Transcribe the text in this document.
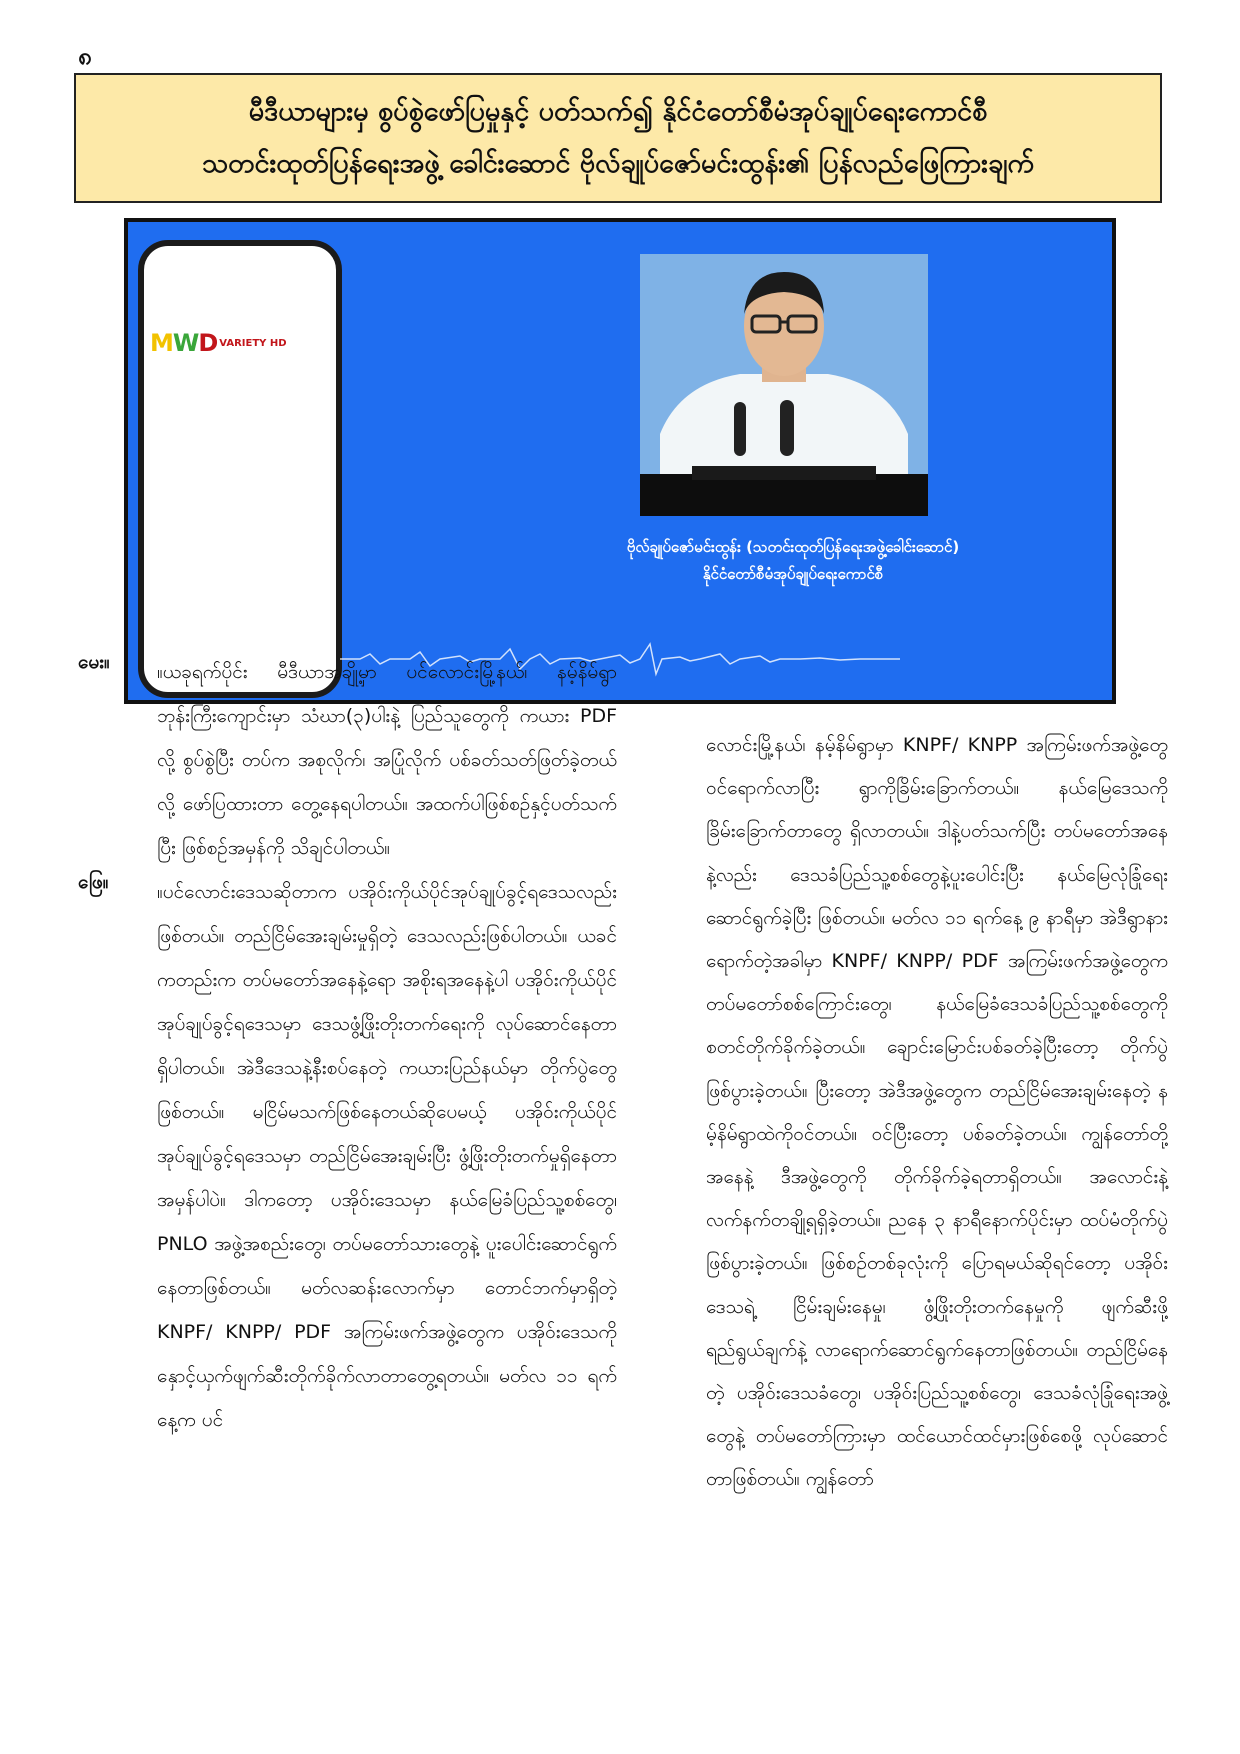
၈
မီဒီယာများမှ စွပ်စွဲဖော်ပြမှုနှင့် ပတ်သက်၍ နိုင်ငံတော်စီမံအုပ်ချုပ်ရေးကောင်စီ
သတင်းထုတ်ပြန်ရေးအဖွဲ့ ခေါင်းဆောင် ဗိုလ်ချုပ်ဇော်မင်းထွန်း၏ ပြန်လည်ဖြေကြားချက်
MWD VARIETY HD
ဗိုလ်ချုပ်ဇော်မင်းထွန်း (သတင်းထုတ်ပြန်ရေးအဖွဲ့ခေါင်းဆောင်)
နိုင်ငံတော်စီမံအုပ်ချုပ်ရေးကောင်စီ
မေး။ ။ယခုရက်ပိုင်း မီဒီယာအချို့မှာ ပင်လောင်းမြို့နယ်၊ နမ့်နိမ်ရွာဘုန်းကြီးကျောင်းမှာ သံဃာ(၃)ပါးနဲ့ ပြည်သူတွေကို ကယား PDF လို့ စွပ်စွဲပြီး တပ်က အစုလိုက်၊ အပြုံလိုက် ပစ်ခတ်သတ်ဖြတ်ခဲ့တယ်လို့ ဖော်ပြထားတာ တွေ့နေရပါတယ်။ အထက်ပါဖြစ်စဉ်နှင့်ပတ်သက်ပြီး ဖြစ်စဉ်အမှန်ကို သိချင်ပါတယ်။
ဖြေ။	။ပင်လောင်းဒေသဆိုတာက ပအိုဝ်းကိုယ်ပိုင်အုပ်ချုပ်ခွင့်ရဒေသလည်းဖြစ်တယ်။ တည်ငြိမ်အေးချမ်းမှုရှိတဲ့ ဒေသလည်းဖြစ်ပါတယ်။ ယခင်ကတည်းက တပ်မတော်အနေနဲ့ရော အစိုးရအနေနဲ့ပါ ပအိုဝ်းကိုယ်ပိုင်အုပ်ချုပ်ခွင့်ရဒေသမှာ ဒေသဖွံ့ဖြိုးတိုးတက်ရေးကို လုပ်ဆောင်နေတာရှိပါတယ်။ အဲဒီဒေသနဲ့နီးစပ်နေတဲ့ ကယားပြည်နယ်မှာ တိုက်ပွဲတွေဖြစ်တယ်။ မငြိမ်မသက်ဖြစ်နေတယ်ဆိုပေမယ့် ပအိုဝ်းကိုယ်ပိုင်အုပ်ချုပ်ခွင့်ရဒေသမှာ တည်ငြိမ်အေးချမ်းပြီး ဖွံ့ဖြိုးတိုးတက်မှုရှိနေတာ အမှန်ပါပဲ။ ဒါကတော့ ပအိုဝ်းဒေသမှာ နယ်မြေခံပြည်သူ့စစ်တွေ၊ PNLO အဖွဲ့အစည်းတွေ၊ တပ်မတော်သားတွေနဲ့ ပူးပေါင်းဆောင်ရွက်နေတာဖြစ်တယ်။ မတ်လဆန်းလောက်မှာ တောင်ဘက်မှာရှိတဲ့ KNPF/ KNPP/ PDF အကြမ်းဖက်အဖွဲ့တွေက ပအိုဝ်းဒေသကို နှောင့်ယှက်ဖျက်ဆီးတိုက်ခိုက်လာတာတွေ့ရတယ်။ မတ်လ ၁၁ ရက်နေ့က ပင်
လောင်းမြို့နယ်၊ နမ့်နိမ်ရွာမှာ KNPF/ KNPP အကြမ်းဖက်အဖွဲ့တွေ ဝင်ရောက်လာပြီး ရွာကိုခြိမ်းခြောက်တယ်။ နယ်မြေဒေသကို ခြိမ်းခြောက်တာတွေ ရှိလာတယ်။ ဒါနဲ့ပတ်သက်ပြီး တပ်မတော်အနေနဲ့လည်း ဒေသခံပြည်သူ့စစ်တွေနဲ့ပူးပေါင်းပြီး နယ်မြေလုံခြုံရေးဆောင်ရွက်ခဲ့ပြီး ဖြစ်တယ်။ မတ်လ ၁၁ ရက်နေ့ ၉ နာရီမှာ အဲဒီရွာနားရောက်တဲ့အခါမှာ KNPF/ KNPP/ PDF အကြမ်းဖက်အဖွဲ့တွေက တပ်မတော်စစ်ကြောင်းတွေ၊ နယ်မြေခံဒေသခံပြည်သူ့စစ်တွေကို စတင်တိုက်ခိုက်ခဲ့တယ်။ ချောင်းမြောင်းပစ်ခတ်ခဲ့ပြီးတော့ တိုက်ပွဲဖြစ်ပွားခဲ့တယ်။ ပြီးတော့ အဲဒီအဖွဲ့တွေက တည်ငြိမ်အေးချမ်းနေတဲ့ နမ့်နိမ်ရွာထဲကိုဝင်တယ်။ ဝင်ပြီးတော့ ပစ်ခတ်ခဲ့တယ်။ ကျွန်တော်တို့အနေနဲ့ ဒီအဖွဲ့တွေကို တိုက်ခိုက်ခဲ့ရတာရှိတယ်။ အလောင်းနဲ့လက်နက်တချို့ရရှိခဲ့တယ်။ ညနေ ၃ နာရီနောက်ပိုင်းမှာ ထပ်မံတိုက်ပွဲဖြစ်ပွားခဲ့တယ်။ ဖြစ်စဉ်တစ်ခုလုံးကို ပြောရမယ်ဆိုရင်တော့ ပအိုဝ်းဒေသရဲ့ ငြိမ်းချမ်းနေမှု၊ ဖွံ့ဖြိုးတိုးတက်နေမှုကို ဖျက်ဆီးဖို့ ရည်ရွယ်ချက်နဲ့ လာရောက်ဆောင်ရွက်နေတာဖြစ်တယ်။ တည်ငြိမ်နေတဲ့ ပအိုဝ်းဒေသခံတွေ၊ ပအိုဝ်းပြည်သူ့စစ်တွေ၊ ဒေသခံလုံခြုံရေးအဖွဲ့တွေနဲ့ တပ်မတော်ကြားမှာ ထင်ယောင်ထင်မှားဖြစ်စေဖို့ လုပ်ဆောင်တာဖြစ်တယ်။ ကျွန်တော်
